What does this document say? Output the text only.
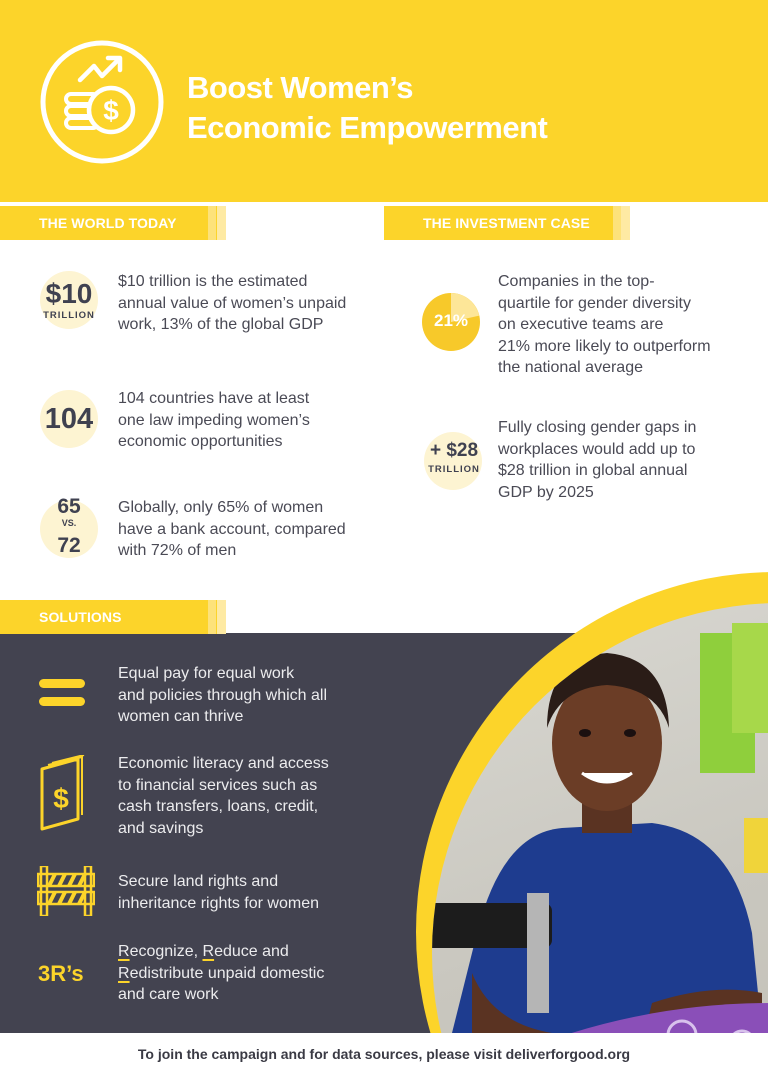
$
Boost Women’s
Economic Empowerment
THE WORLD TODAY	THE INVESTMENT CASE
$10
TRILLION
$10 trillion is the estimated
annual value of women’s unpaid
work, 13% of the global GDP
104
104 countries have at least
one law impeding women’s
economic opportunities
65
VS.
72
Globally, only 65% of women
have a bank account, compared
with 72% of men
21%
Companies in the top-
quartile for gender diversity
on executive teams are
21% more likely to outperform
the national average
+ $28
TRILLION
Fully closing gender gaps in
workplaces would add up to
$28 trillion in global annual
GDP by 2025
SOLUTIONS
Equal pay for equal work
and policies through which all
women can thrive
$
Economic literacy and access
to financial services such as
cash transfers, loans, credit,
and savings
Secure land rights and
inheritance rights for women
3R’s
Recognize, Reduce and
Redistribute unpaid domestic
and care work
To join the campaign and for data sources, please visit deliverforgood.org
